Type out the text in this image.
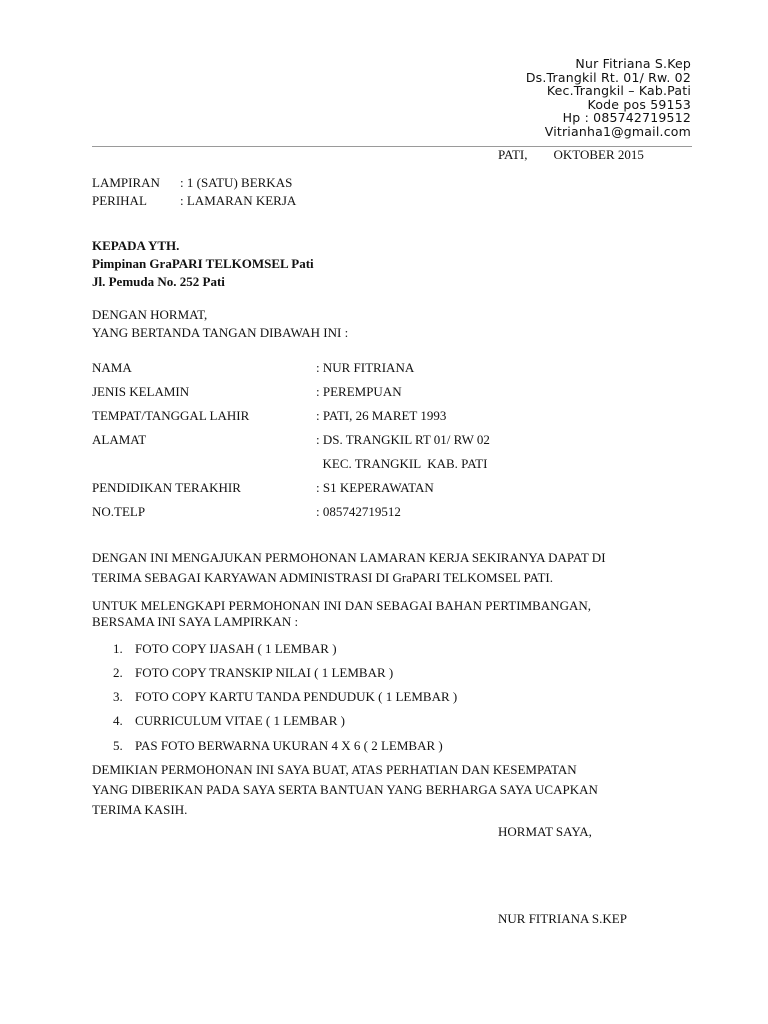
Nur Fitriana S.Kep
Ds.Trangkil Rt. 01/ Rw. 02
Kec.Trangkil – Kab.Pati
Kode pos 59153
Hp : 085742719512
Vitrianha1@gmail.com
PATI, OKTOBER 2015
LAMPIRAN : 1 (SATU) BERKAS
PERIHAL	: LAMARAN KERJA
KEPADA YTH.
Pimpinan GraPARI TELKOMSEL Pati
Jl. Pemuda No. 252 Pati
DENGAN HORMAT,
YANG BERTANDA TANGAN DIBAWAH INI :
NAMA	: NUR FITRIANA
JENIS KELAMIN	: PEREMPUAN
TEMPAT/TANGGAL LAHIR	: PATI, 26 MARET 1993
ALAMAT	: DS. TRANGKIL RT 01/ RW 02
KEC. TRANGKIL  KAB. PATI
PENDIDIKAN TERAKHIR	: S1 KEPERAWATAN
NO.TELP	: 085742719512
DENGAN INI MENGAJUKAN PERMOHONAN LAMARAN KERJA SEKIRANYA DAPAT DI
TERIMA SEBAGAI KARYAWAN ADMINISTRASI DI GraPARI TELKOMSEL PATI.
UNTUK MELENGKAPI PERMOHONAN INI DAN SEBAGAI BAHAN PERTIMBANGAN,
BERSAMA INI SAYA LAMPIRKAN :
1. FOTO COPY IJASAH ( 1 LEMBAR )
2. FOTO COPY TRANSKIP NILAI ( 1 LEMBAR )
3. FOTO COPY KARTU TANDA PENDUDUK ( 1 LEMBAR )
4. CURRICULUM VITAE ( 1 LEMBAR )
5. PAS FOTO BERWARNA UKURAN 4 X 6 ( 2 LEMBAR )
DEMIKIAN PERMOHONAN INI SAYA BUAT, ATAS PERHATIAN DAN KESEMPATAN
YANG DIBERIKAN PADA SAYA SERTA BANTUAN YANG BERHARGA SAYA UCAPKAN
TERIMA KASIH.
HORMAT SAYA,
NUR FITRIANA S.KEP
